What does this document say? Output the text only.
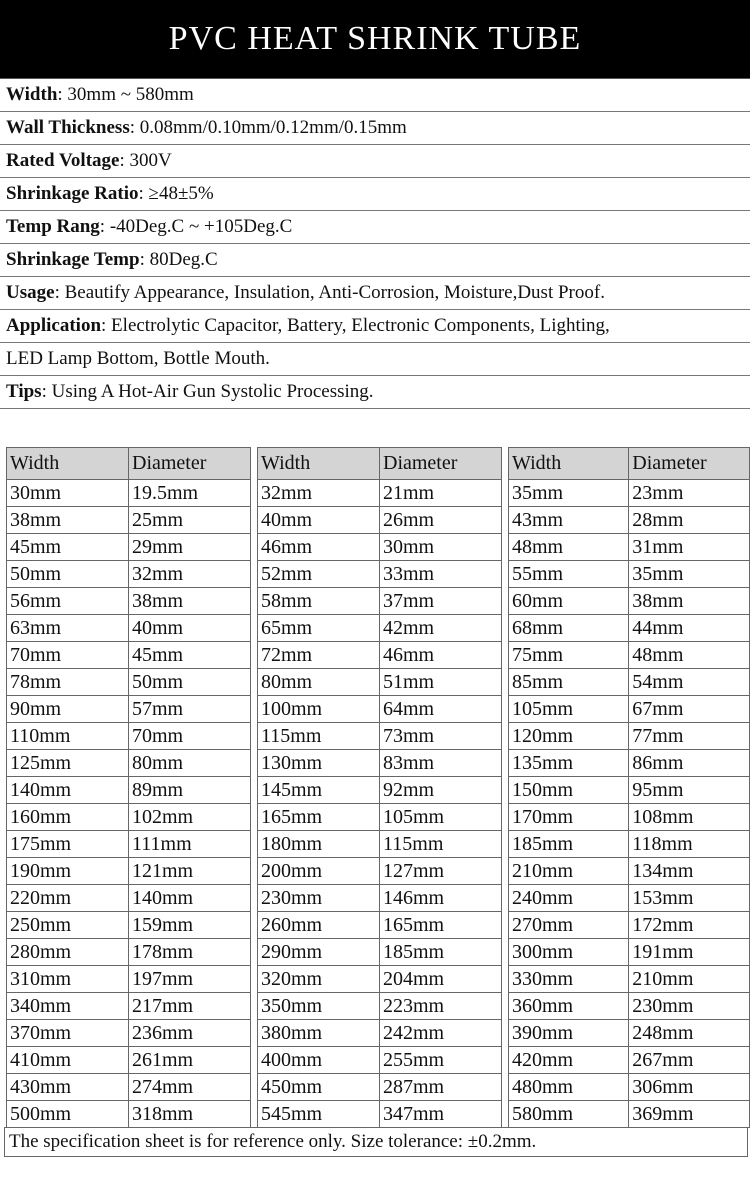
PVC HEAT SHRINK TUBE
Width : 30mm ~ 580mm
Wall Thickness : 0.08mm/0.10mm/0.12mm/0.15mm
Rated Voltage : 300V
Shrinkage Ratio : ≥48±5%
Temp Rang : -40Deg.C ~ +105Deg.C
Shrinkage Temp : 80Deg.C
Usage : Beautify Appearance, Insulation, Anti-Corrosion, Moisture,Dust Proof.
Application : Electrolytic Capacitor, Battery, Electronic Components, Lighting,
LED Lamp Bottom, Bottle Mouth.
Tips : Using A Hot-Air Gun Systolic Processing.
Width	Diameter
30mm	19.5mm
38mm	25mm
45mm	29mm
50mm	32mm
56mm	38mm
63mm	40mm
70mm	45mm
78mm	50mm
90mm	57mm
110mm	70mm
125mm	80mm
140mm	89mm
160mm	102mm
175mm	111mm
190mm	121mm
220mm	140mm
250mm	159mm
280mm	178mm
310mm	197mm
340mm	217mm
370mm	236mm
410mm	261mm
430mm	274mm
500mm	318mm
Width	Diameter
32mm	21mm
40mm	26mm
46mm	30mm
52mm	33mm
58mm	37mm
65mm	42mm
72mm	46mm
80mm	51mm
100mm	64mm
115mm	73mm
130mm	83mm
145mm	92mm
165mm	105mm
180mm	115mm
200mm	127mm
230mm	146mm
260mm	165mm
290mm	185mm
320mm	204mm
350mm	223mm
380mm	242mm
400mm	255mm
450mm	287mm
545mm	347mm
Width	Diameter
35mm	23mm
43mm	28mm
48mm	31mm
55mm	35mm
60mm	38mm
68mm	44mm
75mm	48mm
85mm	54mm
105mm	67mm
120mm	77mm
135mm	86mm
150mm	95mm
170mm	108mm
185mm	118mm
210mm	134mm
240mm	153mm
270mm	172mm
300mm	191mm
330mm	210mm
360mm	230mm
390mm	248mm
420mm	267mm
480mm	306mm
580mm	369mm
The specification sheet is for reference only. Size tolerance: ±0.2mm.
